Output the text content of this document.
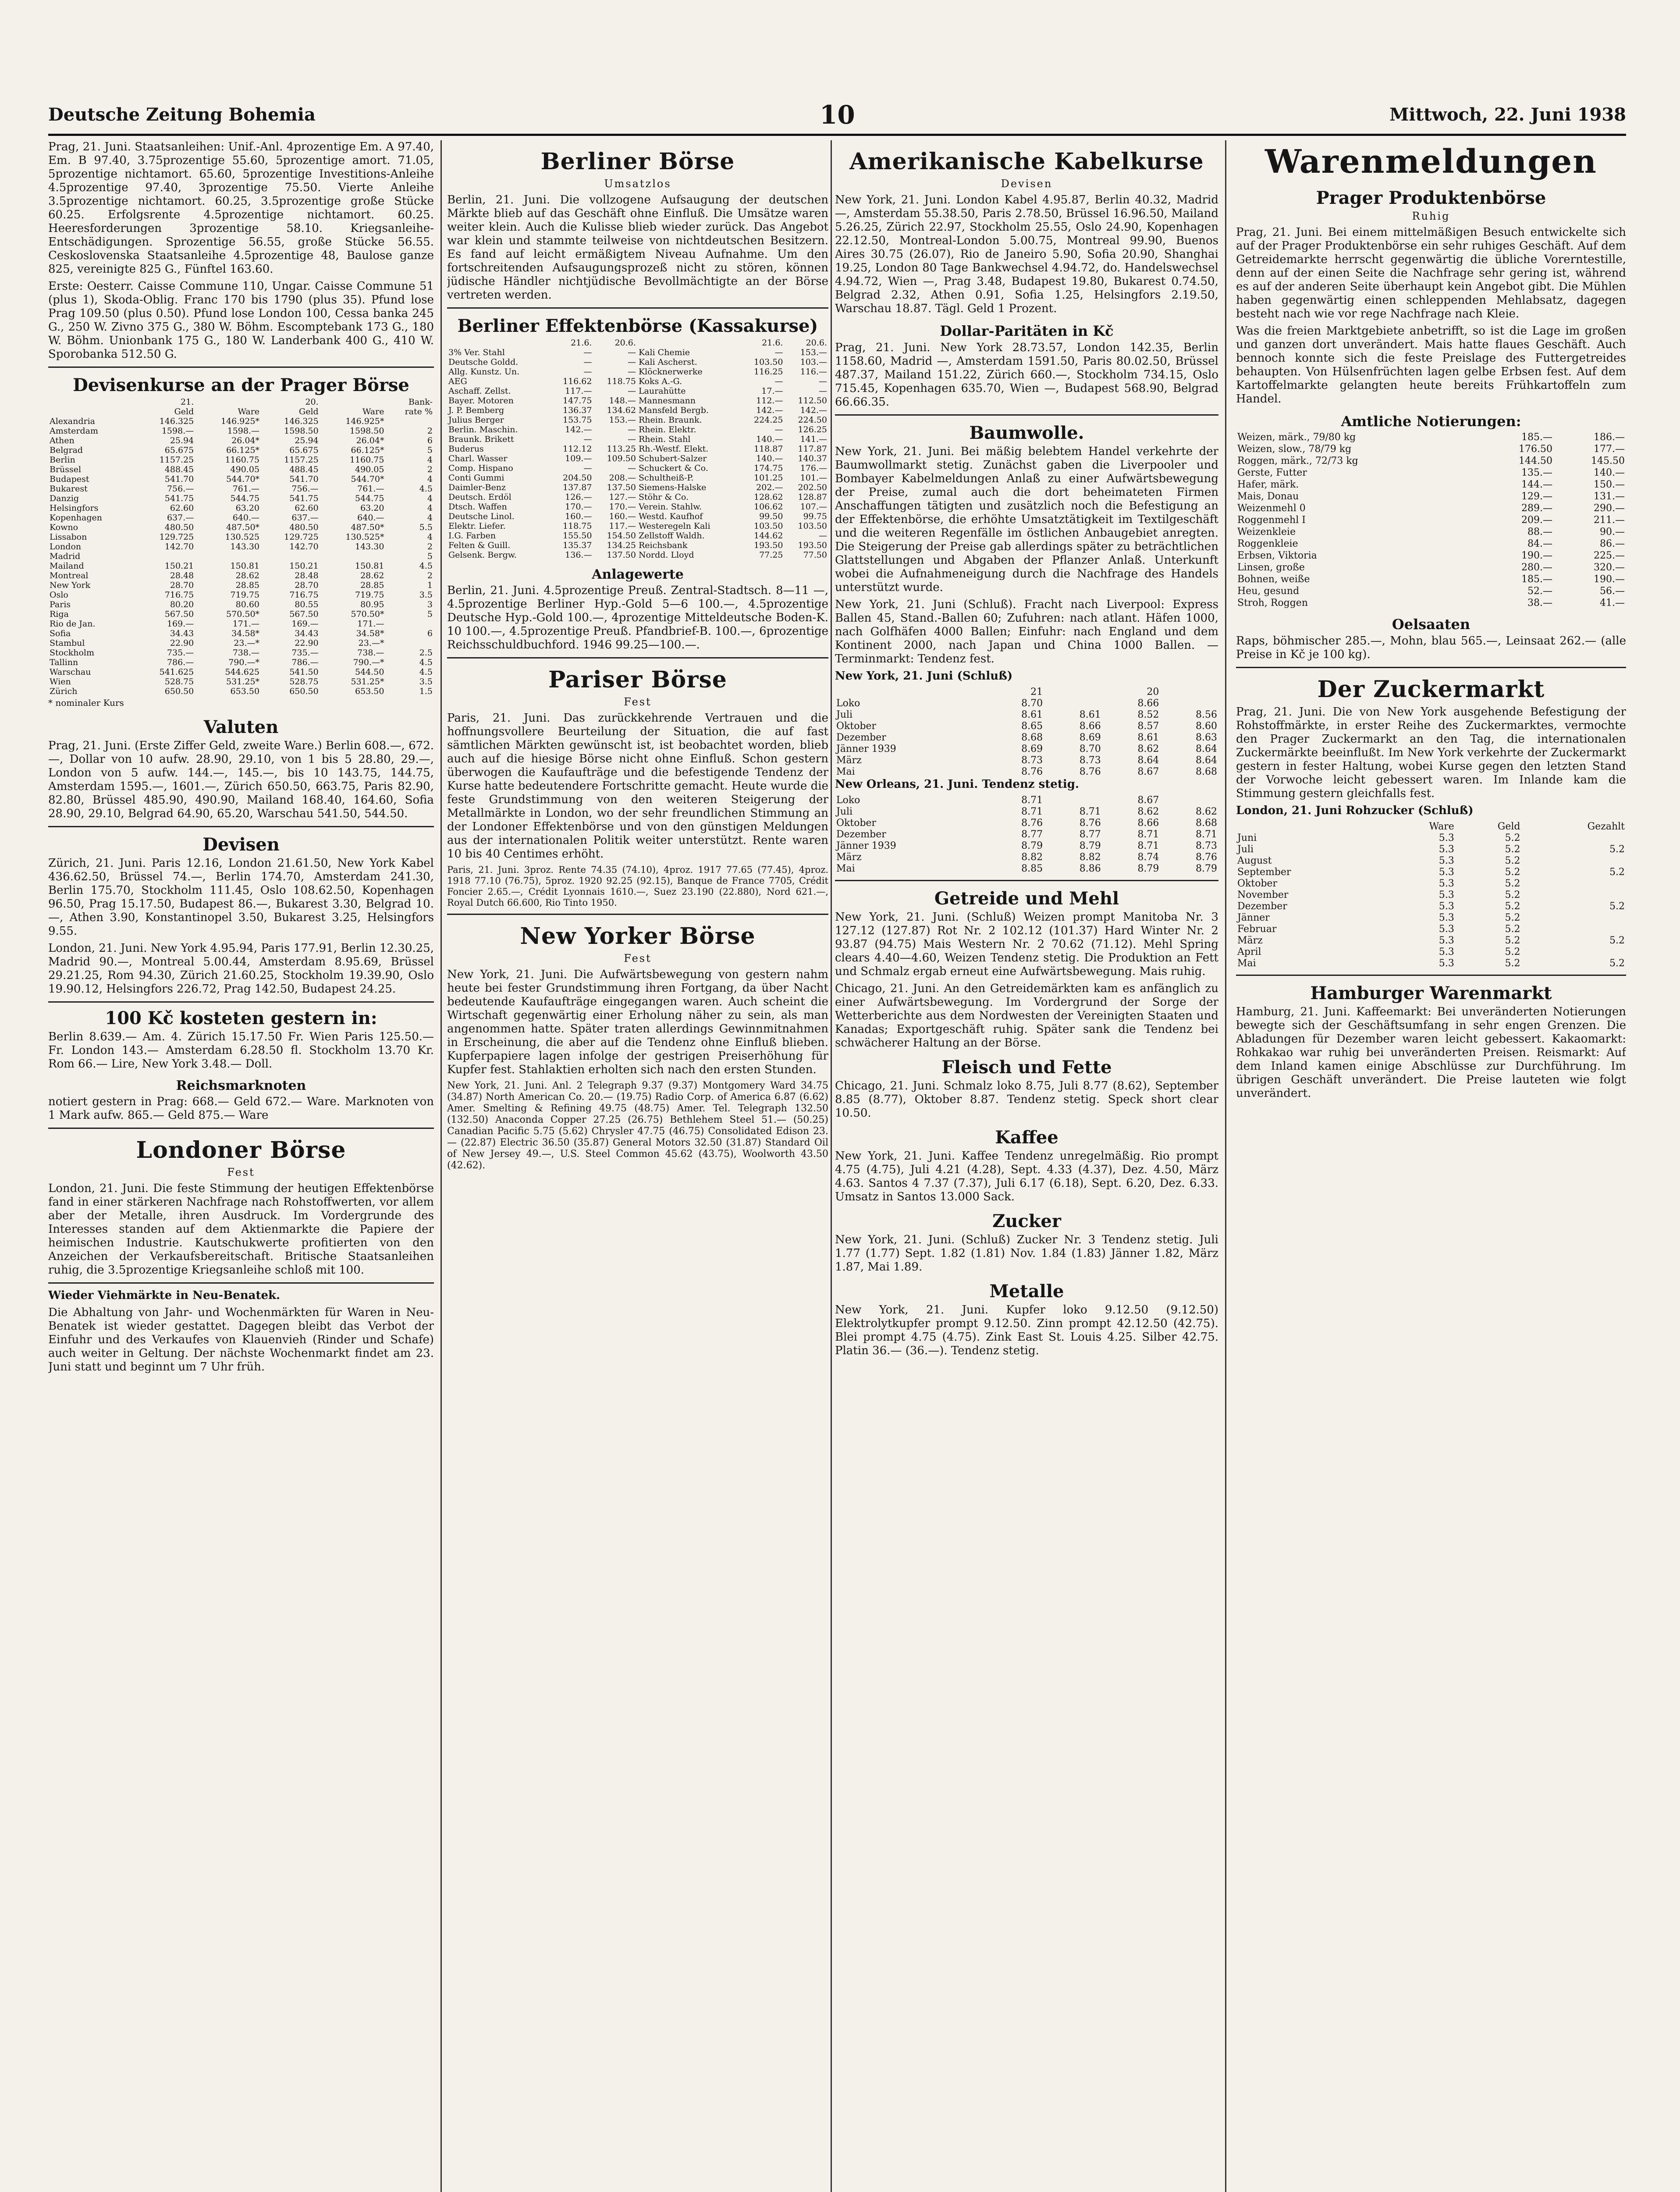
Deutsche Zeitung Bohemia	10	Mittwoch, 22. Juni 1938

Prag, 21. Juni. Staatsanleihen: Unif.-Anl. 4prozentige Em. A 97.40, Em. B 97.40, 3.75prozentige 55.60, 5prozentige amort. 71.05, 5prozentige nichtamort. 65.60, 5prozentige Investitions-Anleihe 4.5prozentige 97.40, 3prozentige 75.50. Vierte Anleihe 3.5prozentige nichtamort. 60.25, 3.5prozentige große Stücke 60.25. Erfolgsrente 4.5prozentige nichtamort. 60.25. Heeresforderungen 3prozentige 58.10. Kriegsanleihe-Entschädigungen. Sprozentige 56.55, große Stücke 56.55. Ceskoslovenska Staatsanleihe 4.5prozentige 48, Baulose ganze 825, vereinigte 825 G., Fünftel 163.60.

Erste: Oesterr. Caisse Commune 110, Ungar. Caisse Commune 51 (plus 1), Skoda-Oblig. Franc 170 bis 1790 (plus 35). Pfund lose Prag 109.50 (plus 0.50). Pfund lose London 100, Cessa banka 245 G., 250 W. Zivno 375 G., 380 W. Böhm. Escomptebank 173 G., 180 W. Böhm. Unionbank 175 G., 180 W. Landerbank 400 G., 410 W. Sporobanka 512.50 G.

Devisenkurse an der Prager Börse
	21.		20.		Bank-
	Geld	Ware	Geld	Ware	rate %
Alexandria	146.325	146.925*	146.325	146.925*	
Amsterdam	1598.—	1598.—	1598.50	1598.50	2
Athen	25.94	26.04*	25.94	26.04*	6
Belgrad	65.675	66.125*	65.675	66.125*	5
Berlin	1157.25	1160.75	1157.25	1160.75	4
Brüssel	488.45	490.05	488.45	490.05	2
Budapest	541.70	544.70*	541.70	544.70*	4
Bukarest	756.—	761.—	756.—	761.—	4.5
Danzig	541.75	544.75	541.75	544.75	4
Helsingfors	62.60	63.20	62.60	63.20	4
Kopenhagen	637.—	640.—	637.—	640.—	4
Kowno	480.50	487.50*	480.50	487.50*	5.5
Lissabon	129.725	130.525	129.725	130.525*	4
London	142.70	143.30	142.70	143.30	2
Madrid					5
Mailand	150.21	150.81	150.21	150.81	4.5
Montreal	28.48	28.62	28.48	28.62	2
New York	28.70	28.85	28.70	28.85	1
Oslo	716.75	719.75	716.75	719.75	3.5
Paris	80.20	80.60	80.55	80.95	3
Riga	567.50	570.50*	567.50	570.50*	5
Rio de Jan.	169.—	171.—	169.—	171.—	
Sofia	34.43	34.58*	34.43	34.58*	6
Stambul	22.90	23.—*	22.90	23.—*	
Stockholm	735.—	738.—	735.—	738.—	2.5
Tallinn	786.—	790.—*	786.—	790.—*	4.5
Warschau	541.625	544.625	541.50	544.50	4.5
Wien	528.75	531.25*	528.75	531.25*	3.5
Zürich	650.50	653.50	650.50	653.50	1.5
* nominaler Kurs
Valuten

Prag, 21. Juni. (Erste Ziffer Geld, zweite Ware.) Berlin 608.—, 672.—, Dollar von 10 aufw. 28.90, 29.10, von 1 bis 5 28.80, 29.—, London von 5 aufw. 144.—, 145.—, bis 10 143.75, 144.75, Amsterdam 1595.—, 1601.—, Zürich 650.50, 663.75, Paris 82.90, 82.80, Brüssel 485.90, 490.90, Mailand 168.40, 164.60, Sofia 28.90, 29.10, Belgrad 64.90, 65.20, Warschau 541.50, 544.50.

Devisen

Zürich, 21. Juni. Paris 12.16, London 21.61.50, New York Kabel 436.62.50, Brüssel 74.—, Berlin 174.70, Amsterdam 241.30, Berlin 175.70, Stockholm 111.45, Oslo 108.62.50, Kopenhagen 96.50, Prag 15.17.50, Budapest 86.—, Bukarest 3.30, Belgrad 10.—, Athen 3.90, Konstantinopel 3.50, Bukarest 3.25, Helsingfors 9.55.

London, 21. Juni. New York 4.95.94, Paris 177.91, Berlin 12.30.25, Madrid 90.—, Montreal 5.00.44, Amsterdam 8.95.69, Brüssel 29.21.25, Rom 94.30, Zürich 21.60.25, Stockholm 19.39.90, Oslo 19.90.12, Helsingfors 226.72, Prag 142.50, Budapest 24.25.

100 Kč kosteten gestern in:

Berlin 8.639.— Am. 4. Zürich 15.17.50 Fr. Wien Paris 125.50.— Fr. London 143.— Amsterdam 6.28.50 fl. Stockholm 13.70 Kr. Rom 66.— Lire, New York 3.48.— Doll.

Reichsmarknoten

notiert gestern in Prag: 668.— Geld 672.— Ware. Marknoten von 1 Mark aufw. 865.— Geld 875.— Ware

Londoner Börse
Fest

London, 21. Juni. Die feste Stimmung der heutigen Effektenbörse fand in einer stärkeren Nachfrage nach Rohstoffwerten, vor allem aber der Metalle, ihren Ausdruck. Im Vordergrunde des Interesses standen auf dem Aktienmarkte die Papiere der heimischen Industrie. Kautschukwerte profitierten von den Anzeichen der Verkaufsbereitschaft. Britische Staatsanleihen ruhig, die 3.5prozentige Kriegsanleihe schloß mit 100.

Wieder Viehmärkte in Neu-Benatek.

Die Abhaltung von Jahr- und Wochenmärkten für Waren in Neu-Benatek ist wieder gestattet. Dagegen bleibt das Verbot der Einfuhr und des Verkaufes von Klauenvieh (Rinder und Schafe) auch weiter in Geltung. Der nächste Wochenmarkt findet am 23. Juni statt und beginnt um 7 Uhr früh.

Berliner Börse
Umsatzlos

Berlin, 21. Juni. Die vollzogene Aufsaugung der deutschen Märkte blieb auf das Geschäft ohne Einfluß. Die Umsätze waren weiter klein. Auch die Kulisse blieb wieder zurück. Das Angebot war klein und stammte teilweise von nichtdeutschen Besitzern. Es fand auf leicht ermäßigtem Niveau Aufnahme. Um den fortschreitenden Aufsaugungsprozeß nicht zu stören, können jüdische Händler nichtjüdische Bevollmächtigte an der Börse vertreten werden.

Berliner Effektenbörse (Kassakurse)
	21.6.	20.6.		21.6.	20.6.
3% Ver. Stahl	—	—	Kali Chemie	—	153.—
Deutsche Goldd.	—	—	Kali Ascherst.	103.50	103.—
Allg. Kunstz. Un.	—	—	Klöcknerwerke	116.25	116.—
AEG	116.62	118.75	Koks A.-G.	—	—
Aschaff. Zellst.	117.—	—	Laurahütte	17.—	—
Bayer. Motoren	147.75	148.—	Mannesmann	112.—	112.50
J. P. Bemberg	136.37	134.62	Mansfeld Bergb.	142.—	142.—
Julius Berger	153.75	153.—	Rhein. Braunk.	224.25	224.50
Berlin. Maschin.	142.—	—	Rhein. Elektr.	—	126.25
Braunk. Brikett	—	—	Rhein. Stahl	140.—	141.—
Buderus	112.12	113.25	Rh.-Westf. Elekt.	118.87	117.87
Charl. Wasser	109.—	109.50	Schubert-Salzer	140.—	140.37
Comp. Hispano	—	—	Schuckert & Co.	174.75	176.—
Conti Gummi	204.50	208.—	Schultheiß-P.	101.25	101.—
Daimler-Benz	137.87	137.50	Siemens-Halske	202.—	202.50
Deutsch. Erdöl	126.—	127.—	Stöhr & Co.	128.62	128.87
Dtsch. Waffen	170.—	170.—	Verein. Stahlw.	106.62	107.—
Deutsche Linol.	160.—	160.—	Westd. Kaufhof	99.50	99.75
Elektr. Liefer.	118.75	117.—	Westeregeln Kali	103.50	103.50
I.G. Farben	155.50	154.50	Zellstoff Waldh.	144.62	—
Felten & Guill.	135.37	134.25	Reichsbank	193.50	193.50
Gelsenk. Bergw.	136.—	137.50	Nordd. Lloyd	77.25	77.50
Anlagewerte

Berlin, 21. Juni. 4.5prozentige Preuß. Zentral-Stadtsch. 8—11 —, 4.5prozentige Berliner Hyp.-Gold 5—6 100.—, 4.5prozentige Deutsche Hyp.-Gold 100.—, 4prozentige Mitteldeutsche Boden-K. 10 100.—, 4.5prozentige Preuß. Pfandbrief-B. 100.—, 6prozentige Reichsschuldbuchford. 1946 99.25—100.—.

Pariser Börse
Fest

Paris, 21. Juni. Das zurückkehrende Vertrauen und die hoffnungsvollere Beurteilung der Situation, die auf fast sämtlichen Märkten gewünscht ist, ist beobachtet worden, blieb auch auf die hiesige Börse nicht ohne Einfluß. Schon gestern überwogen die Kaufaufträge und die befestigende Tendenz der Kurse hatte bedeutendere Fortschritte gemacht. Heute wurde die feste Grundstimmung von den weiteren Steigerung der Metallmärkte in London, wo der sehr freundlichen Stimmung an der Londoner Effektenbörse und von den günstigen Meldungen aus der internationalen Politik weiter unterstützt. Rente waren 10 bis 40 Centimes erhöht.

Paris, 21. Juni. 3proz. Rente 74.35 (74.10), 4proz. 1917 77.65 (77.45), 4proz. 1918 77.10 (76.75), 5proz. 1920 92.25 (92.15), Banque de France 7705, Crédit Foncier 2.65.—, Crédit Lyonnais 1610.—, Suez 23.190 (22.880), Nord 621.—, Royal Dutch 66.600, Rio Tinto 1950.

New Yorker Börse
Fest

New York, 21. Juni. Die Aufwärtsbewegung von gestern nahm heute bei fester Grundstimmung ihren Fortgang, da über Nacht bedeutende Kaufaufträge eingegangen waren. Auch scheint die Wirtschaft gegenwärtig einer Erholung näher zu sein, als man angenommen hatte. Später traten allerdings Gewinnmitnahmen in Erscheinung, die aber auf die Tendenz ohne Einfluß blieben. Kupferpapiere lagen infolge der gestrigen Preiserhöhung für Kupfer fest. Stahlaktien erholten sich nach den ersten Stunden.

New York, 21. Juni. Anl. 2 Telegraph 9.37 (9.37) Montgomery Ward 34.75 (34.87) North American Co. 20.— (19.75) Radio Corp. of America 6.87 (6.62) Amer. Smelting & Refining 49.75 (48.75) Amer. Tel. Telegraph 132.50 (132.50) Anaconda Copper 27.25 (26.75) Bethlehem Steel 51.— (50.25) Canadian Pacific 5.75 (5.62) Chrysler 47.75 (46.75) Consolidated Edison 23.— (22.87) Electric 36.50 (35.87) General Motors 32.50 (31.87) Standard Oil of New Jersey 49.—, U.S. Steel Common 45.62 (43.75), Woolworth 43.50 (42.62).

Amerikanische Kabelkurse
Devisen

New York, 21. Juni. London Kabel 4.95.87, Berlin 40.32, Madrid —, Amsterdam 55.38.50, Paris 2.78.50, Brüssel 16.96.50, Mailand 5.26.25, Zürich 22.97, Stockholm 25.55, Oslo 24.90, Kopenhagen 22.12.50, Montreal-London 5.00.75, Montreal 99.90, Buenos Aires 30.75 (26.07), Rio de Janeiro 5.90, Sofia 20.90, Shanghai 19.25, London 80 Tage Bankwechsel 4.94.72, do. Handelswechsel 4.94.72, Wien —, Prag 3.48, Budapest 19.80, Bukarest 0.74.50, Belgrad 2.32, Athen 0.91, Sofia 1.25, Helsingfors 2.19.50, Warschau 18.87. Tägl. Geld 1 Prozent.

Dollar-Paritäten in Kč

Prag, 21. Juni. New York 28.73.57, London 142.35, Berlin 1158.60, Madrid —, Amsterdam 1591.50, Paris 80.02.50, Brüssel 487.37, Mailand 151.22, Zürich 660.—, Stockholm 734.15, Oslo 715.45, Kopenhagen 635.70, Wien —, Budapest 568.90, Belgrad 66.66.35.

Baumwolle.

New York, 21. Juni. Bei mäßig belebtem Handel verkehrte der Baumwollmarkt stetig. Zunächst gaben die Liverpooler und Bombayer Kabelmeldungen Anlaß zu einer Aufwärtsbewegung der Preise, zumal auch die dort beheimateten Firmen Anschaffungen tätigten und zusätzlich noch die Befestigung an der Effektenbörse, die erhöhte Umsatztätigkeit im Textilgeschäft und die weiteren Regenfälle im östlichen Anbaugebiet anregten. Die Steigerung der Preise gab allerdings später zu beträchtlichen Glattstellungen und Abgaben der Pflanzer Anlaß. Unterkunft wobei die Aufnahmeneigung durch die Nachfrage des Handels unterstützt wurde.

New York, 21. Juni (Schluß). Fracht nach Liverpool: Express Ballen 45, Stand.-Ballen 60; Zufuhren: nach atlant. Häfen 1000, nach Golfhäfen 4000 Ballen; Einfuhr: nach England und dem Kontinent 2000, nach Japan und China 1000 Ballen. — Terminmarkt: Tendenz fest.

New York, 21. Juni (Schluß)

	21		20	
Loko	8.70		8.66	
Juli	8.61	8.61	8.52	8.56
Oktober	8.65	8.66	8.57	8.60
Dezember	8.68	8.69	8.61	8.63
Jänner 1939	8.69	8.70	8.62	8.64
März	8.73	8.73	8.64	8.64
Mai	8.76	8.76	8.67	8.68

New Orleans, 21. Juni. Tendenz stetig.

Loko	8.71		8.67	
Juli	8.71	8.71	8.62	8.62
Oktober	8.76	8.76	8.66	8.68
Dezember	8.77	8.77	8.71	8.71
Jänner 1939	8.79	8.79	8.71	8.73
März	8.82	8.82	8.74	8.76
Mai	8.85	8.86	8.79	8.79
Getreide und Mehl

New York, 21. Juni. (Schluß) Weizen prompt Manitoba Nr. 3 127.12 (127.87) Rot Nr. 2 102.12 (101.37) Hard Winter Nr. 2 93.87 (94.75) Mais Western Nr. 2 70.62 (71.12). Mehl Spring clears 4.40—4.60, Weizen Tendenz stetig. Die Produktion an Fett und Schmalz ergab erneut eine Aufwärtsbewegung. Mais ruhig.

Chicago, 21. Juni. An den Getreidemärkten kam es anfänglich zu einer Aufwärtsbewegung. Im Vordergrund der Sorge der Wetterberichte aus dem Nordwesten der Vereinigten Staaten und Kanadas; Exportgeschäft ruhig. Später sank die Tendenz bei schwächerer Haltung an der Börse.

Fleisch und Fette

Chicago, 21. Juni. Schmalz loko 8.75, Juli 8.77 (8.62), September 8.85 (8.77), Oktober 8.87. Tendenz stetig. Speck short clear 10.50.

Kaffee

New York, 21. Juni. Kaffee Tendenz unregelmäßig. Rio prompt 4.75 (4.75), Juli 4.21 (4.28), Sept. 4.33 (4.37), Dez. 4.50, März 4.63. Santos 4 7.37 (7.37), Juli 6.17 (6.18), Sept. 6.20, Dez. 6.33. Umsatz in Santos 13.000 Sack.

Zucker

New York, 21. Juni. (Schluß) Zucker Nr. 3 Tendenz stetig. Juli 1.77 (1.77) Sept. 1.82 (1.81) Nov. 1.84 (1.83) Jänner 1.82, März 1.87, Mai 1.89.

Metalle

New York, 21. Juni. Kupfer loko 9.12.50 (9.12.50) Elektrolytkupfer prompt 9.12.50. Zinn prompt 42.12.50 (42.75). Blei prompt 4.75 (4.75). Zink East St. Louis 4.25. Silber 42.75. Platin 36.— (36.—). Tendenz stetig.

Warenmeldungen
Prager Produktenbörse
Ruhig

Prag, 21. Juni. Bei einem mittelmäßigen Besuch entwickelte sich auf der Prager Produktenbörse ein sehr ruhiges Geschäft. Auf dem Getreidemarkte herrscht gegenwärtig die übliche Vorerntestille, denn auf der einen Seite die Nachfrage sehr gering ist, während es auf der anderen Seite überhaupt kein Angebot gibt. Die Mühlen haben gegenwärtig einen schleppenden Mehlabsatz, dagegen besteht nach wie vor rege Nachfrage nach Kleie.

Was die freien Marktgebiete anbetrifft, so ist die Lage im großen und ganzen dort unverändert. Mais hatte flaues Geschäft. Auch bennoch konnte sich die feste Preislage des Futtergetreides behaupten. Von Hülsenfrüchten lagen gelbe Erbsen fest. Auf dem Kartoffelmarkte gelangten heute bereits Frühkartoffeln zum Handel.

Amtliche Notierungen:
Weizen, märk., 79/80 kg	185.—	186.—
Weizen, slow., 78/79 kg	176.50	177.—
Roggen, märk., 72/73 kg	144.50	145.50
Gerste, Futter	135.—	140.—
Hafer, märk.	144.—	150.—
Mais, Donau	129.—	131.—
Weizenmehl 0	289.—	290.—
Roggenmehl I	209.—	211.—
Weizenkleie	88.—	90.—
Roggenkleie	84.—	86.—
Erbsen, Viktoria	190.—	225.—
Linsen, große	280.—	320.—
Bohnen, weiße	185.—	190.—
Heu, gesund	52.—	56.—
Stroh, Roggen	38.—	41.—
Oelsaaten

Raps, böhmischer 285.—, Mohn, blau 565.—, Leinsaat 262.— (alle Preise in Kč je 100 kg).

Der Zuckermarkt

Prag, 21. Juni. Die von New York ausgehende Befestigung der Rohstoffmärkte, in erster Reihe des Zuckermarktes, vermochte den Prager Zuckermarkt an den Tag, die internationalen Zuckermärkte beeinflußt. Im New York verkehrte der Zuckermarkt gestern in fester Haltung, wobei Kurse gegen den letzten Stand der Vorwoche leicht gebessert waren. Im Inlande kam die Stimmung gestern gleichfalls fest.

London, 21. Juni Rohzucker (Schluß)

	Ware	Geld	Gezahlt
Juni	5.3	5.2	
Juli	5.3	5.2	5.2
August	5.3	5.2	
September	5.3	5.2	5.2
Oktober	5.3	5.2	
November	5.3	5.2	
Dezember	5.3	5.2	5.2
Jänner	5.3	5.2	
Februar	5.3	5.2	
März	5.3	5.2	5.2
April	5.3	5.2	
Mai	5.3	5.2	5.2
Hamburger Warenmarkt

Hamburg, 21. Juni. Kaffeemarkt: Bei unveränderten Notierungen bewegte sich der Geschäftsumfang in sehr engen Grenzen. Die Abladungen für Dezember waren leicht gebessert. Kakaomarkt: Rohkakao war ruhig bei unveränderten Preisen. Reismarkt: Auf dem Inland kamen einige Abschlüsse zur Durchführung. Im übrigen Geschäft unverändert. Die Preise lauteten wie folgt unverändert.
